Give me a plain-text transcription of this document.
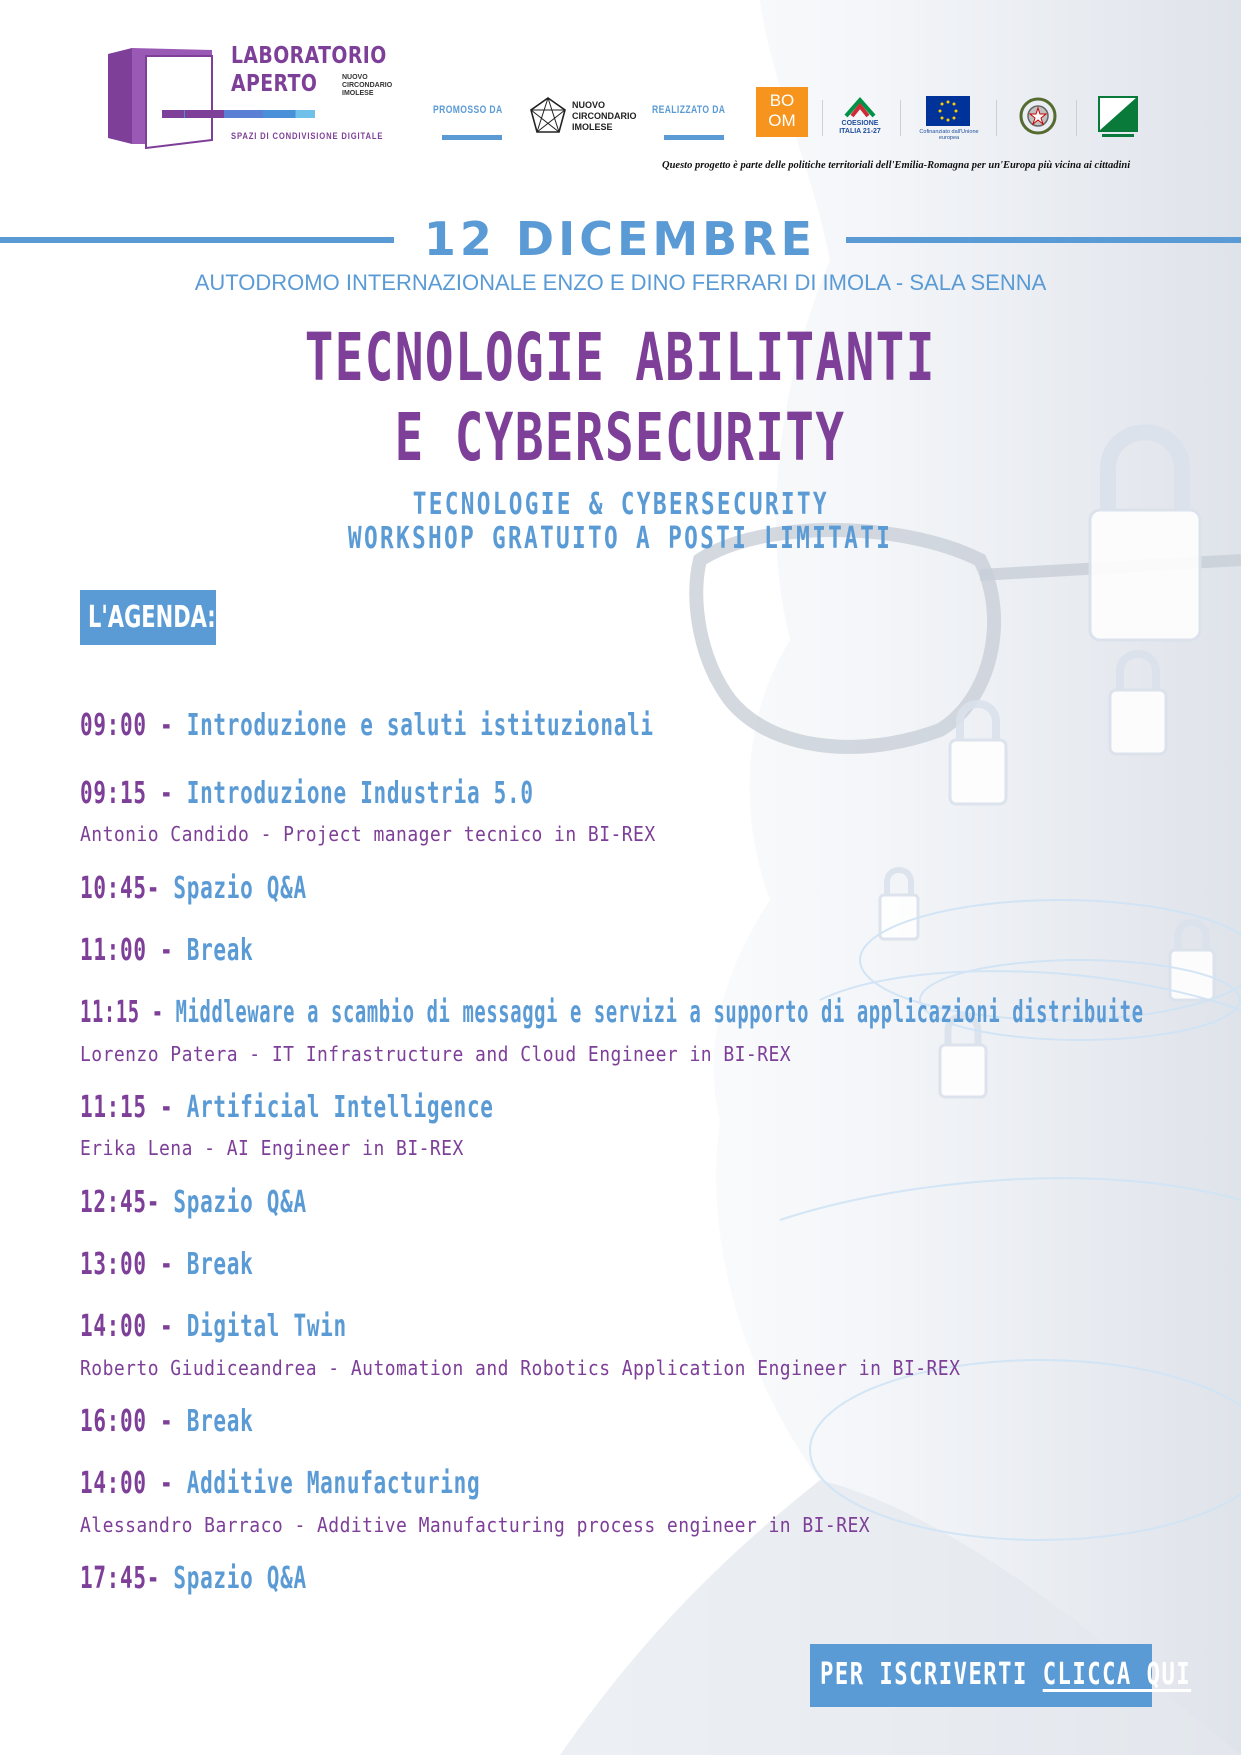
LABORATORIO
APERTO	NUOVO
CIRCONDARIO
IMOLESE
SPAZI DI CONDIVISIONE DIGITALE
PROMOSSO DA	NUOVO
CIRCONDARIO
IMOLESE
REALIZZATO DA	BO OM	COESIONE ITALIA 21-27	Cofinanziato dall'Unione europea
Questo progetto è parte delle politiche territoriali dell'Emilia-Romagna per un'Europa più vicina ai cittadini
12 DICEMBRE
AUTODROMO INTERNAZIONALE ENZO E DINO FERRARI DI IMOLA - SALA SENNA
TECNOLOGIE ABILITANTI
E CYBERSECURITY
TECNOLOGIE & CYBERSECURITY
WORKSHOP GRATUITO A POSTI LIMITATI
L'AGENDA:
09:00 - Introduzione e saluti istituzionali
09:15 - Introduzione Industria 5.0
Antonio Candido - Project manager tecnico in BI-REX
10:45- Spazio Q&A
11:00 - Break
11:15 - Middleware a scambio di messaggi e servizi a supporto di applicazioni distribuite
Lorenzo Patera - IT Infrastructure and Cloud Engineer in BI-REX
11:15 - Artificial Intelligence
Erika Lena - AI Engineer in BI-REX
12:45- Spazio Q&A
13:00 - Break
14:00 - Digital Twin
Roberto Giudiceandrea - Automation and Robotics Application Engineer in BI-REX
16:00 - Break
14:00 - Additive Manufacturing
Alessandro Barraco - Additive Manufacturing process engineer in BI-REX
17:45- Spazio Q&A
PER ISCRIVERTI CLICCA QUI
